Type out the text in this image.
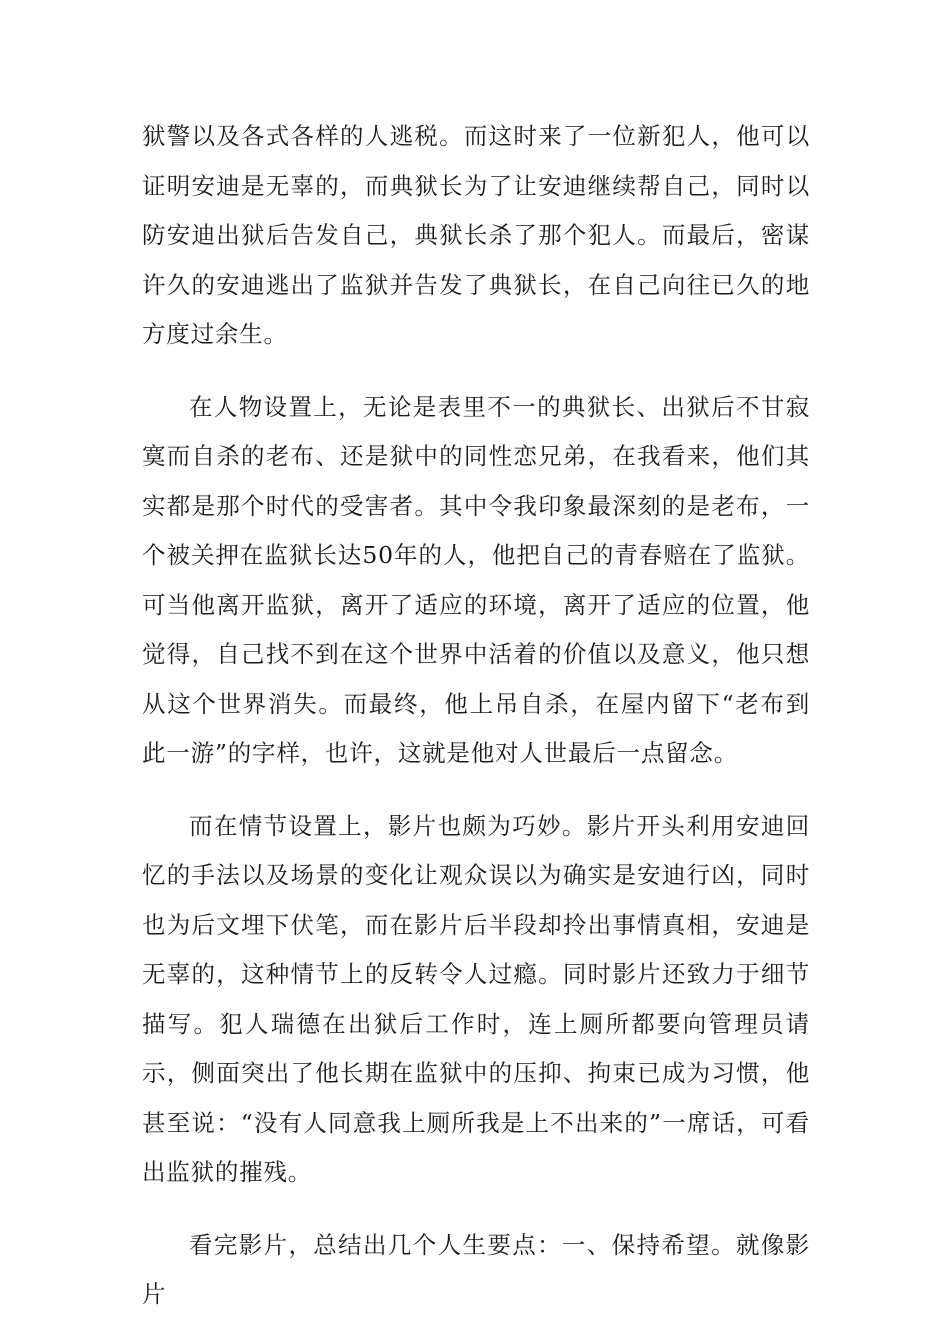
狱警以及各式各样的人逃税。而这时来了一位新犯人，他可以证明安迪是无辜的，而典狱长为了让安迪继续帮自己，同时以防安迪出狱后告发自己，典狱长杀了那个犯人。而最后，密谋许久的安迪逃出了监狱并告发了典狱长，在自己向往已久的地方度过余生。

在人物设置上，无论是表里不一的典狱长、出狱后不甘寂寞而自杀的老布、还是狱中的同性恋兄弟，在我看来，他们其实都是那个时代的受害者。其中令我印象最深刻的是老布，一个被关押在监狱长达50年的人，他把自己的青春赔在了监狱。可当他离开监狱，离开了适应的环境，离开了适应的位置，他觉得，自己找不到在这个世界中活着的价值以及意义，他只想从这个世界消失。而最终，他上吊自杀，在屋内留下“老布到此一游”的字样，也许，这就是他对人世最后一点留念。

而在情节设置上，影片也颇为巧妙。影片开头利用安迪回忆的手法以及场景的变化让观众误以为确实是安迪行凶，同时也为后文埋下伏笔，而在影片后半段却拎出事情真相，安迪是无辜的，这种情节上的反转令人过瘾。同时影片还致力于细节描写。犯人瑞德在出狱后工作时，连上厕所都要向管理员请示，侧面突出了他长期在监狱中的压抑、拘束已成为习惯，他甚至说：“没有人同意我上厕所我是上不出来的”一席话，可看出监狱的摧残。

看完影片，总结出几个人生要点：一、保持希望。就像影片
